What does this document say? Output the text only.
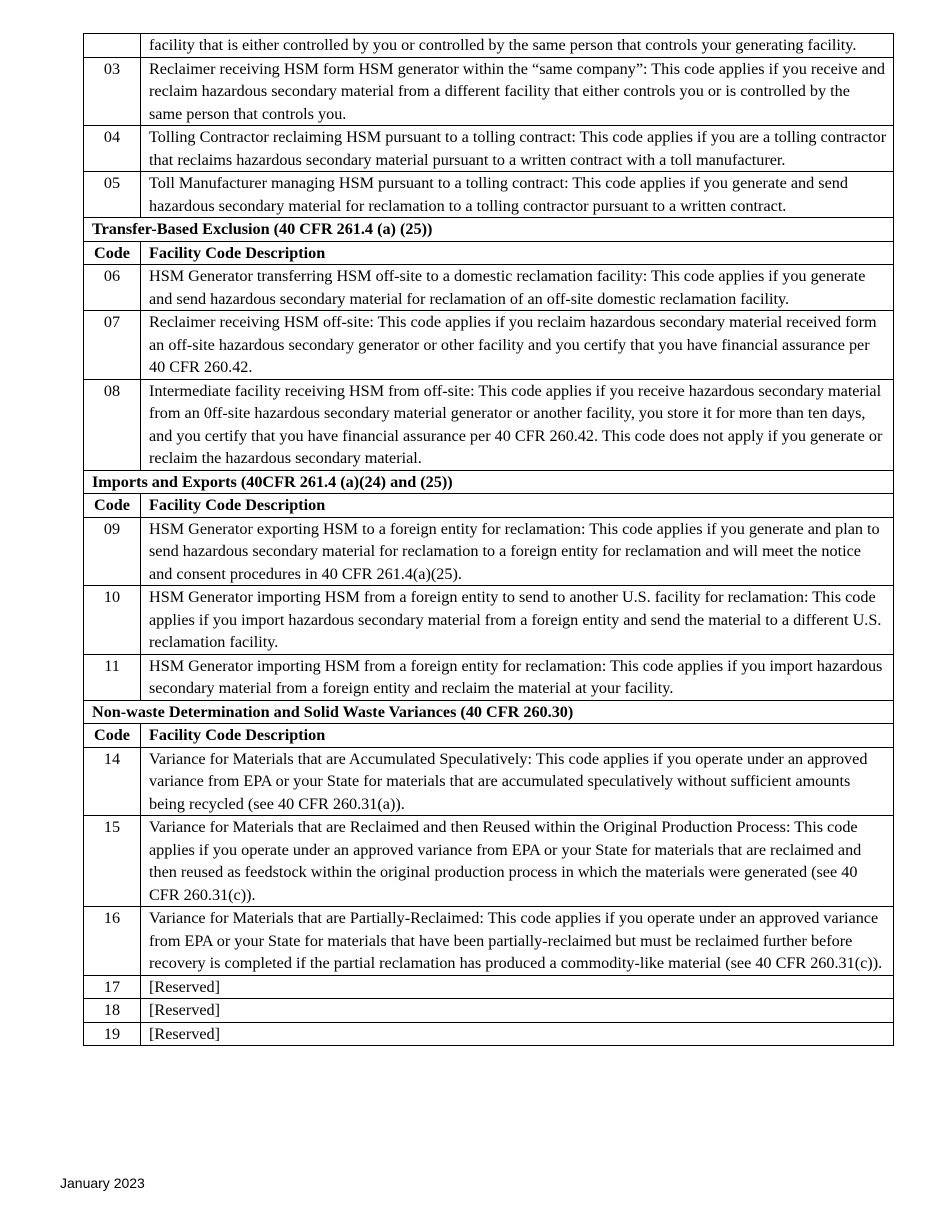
	facility that is either controlled by you or controlled by the same person that controls your generating facility.
03	Reclaimer receiving HSM form HSM generator within the “same company”: This code applies if you receive and reclaim hazardous secondary material from a different facility that either controls you or is controlled by the same person that controls you.
04	Tolling Contractor reclaiming HSM pursuant to a tolling contract: This code applies if you are a tolling contractor that reclaims hazardous secondary material pursuant to a written contract with a toll manufacturer.
05	Toll Manufacturer managing HSM pursuant to a tolling contract: This code applies if you generate and send hazardous secondary material for reclamation to a tolling contractor pursuant to a written contract.
Transfer-Based Exclusion (40 CFR 261.4 (a) (25))	
Code	Facility Code Description
06	HSM Generator transferring HSM off-site to a domestic reclamation facility: This code applies if you generate and send hazardous secondary material for reclamation of an off-site domestic reclamation facility.
07	Reclaimer receiving HSM off-site: This code applies if you reclaim hazardous secondary material received form an off-site hazardous secondary generator or other facility and you certify that you have financial assurance per 40 CFR 260.42.
08	Intermediate facility receiving HSM from off-site: This code applies if you receive hazardous secondary material from an 0ff-site hazardous secondary material generator or another facility, you store it for more than ten days, and you certify that you have financial assurance per 40 CFR 260.42. This code does not apply if you generate or reclaim the hazardous secondary material.
Imports and Exports (40CFR 261.4 (a)(24) and (25))	
Code	Facility Code Description
09	HSM Generator exporting HSM to a foreign entity for reclamation: This code applies if you generate and plan to send hazardous secondary material for reclamation to a foreign entity for reclamation and will meet the notice and consent procedures in 40 CFR 261.4(a)(25).
10	HSM Generator importing HSM from a foreign entity to send to another U.S. facility for reclamation: This code applies if you import hazardous secondary material from a foreign entity and send the material to a different U.S. reclamation facility.
11	HSM Generator importing HSM from a foreign entity for reclamation: This code applies if you import hazardous secondary material from a foreign entity and reclaim the material at your facility.
Non-waste Determination and Solid Waste Variances (40 CFR 260.30)	
Code	Facility Code Description
14	Variance for Materials that are Accumulated Speculatively: This code applies if you operate under an approved variance from EPA or your State for materials that are accumulated speculatively without sufficient amounts being recycled (see 40 CFR 260.31(a)).
15	Variance for Materials that are Reclaimed and then Reused within the Original Production Process: This code applies if you operate under an approved variance from EPA or your State for materials that are reclaimed and then reused as feedstock within the original production process in which the materials were generated (see 40 CFR 260.31(c)).
16	Variance for Materials that are Partially-Reclaimed: This code applies if you operate under an approved variance from EPA or your State for materials that have been partially-reclaimed but must be reclaimed further before recovery is completed if the partial reclamation has produced a commodity-like material (see 40 CFR 260.31(c)).
17	[Reserved]
18	[Reserved]
19	[Reserved]
January 2023
